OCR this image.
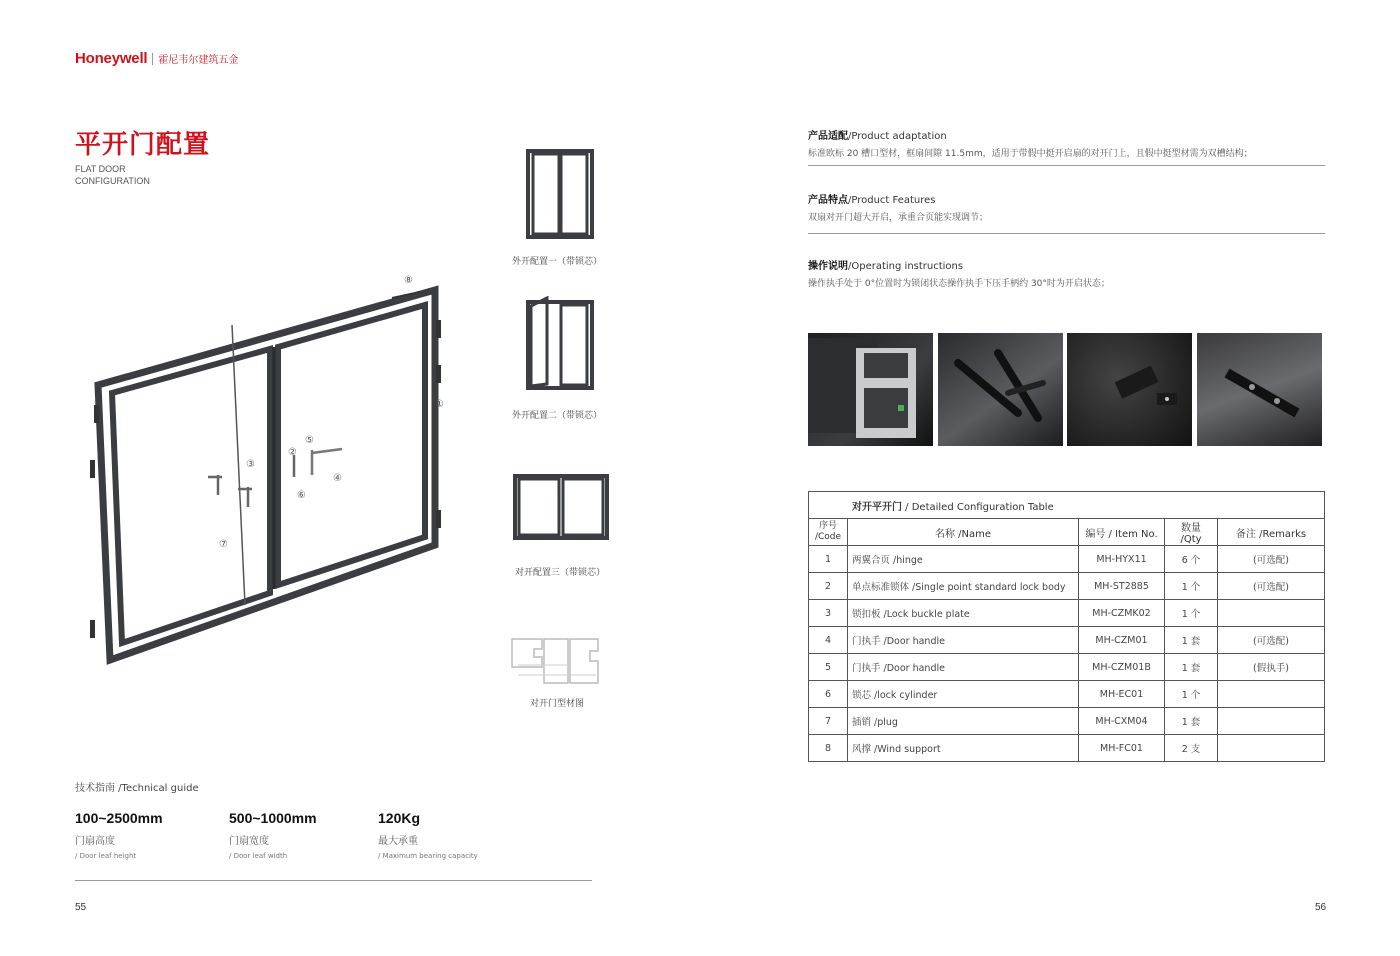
Honeywell 霍尼韦尔建筑五金
平开门配置
FLAT DOOR
CONFIGURATION
⑧
①
③
②
⑤
④
⑥
⑦
外开配置一（带锁芯）
外开配置二（带锁芯）
对开配置三（带锁芯）
对开门型材图
技术指南 /Technical guide
100~2500mm
门扇高度
/ Door leaf height
500~1000mm
门扇宽度
/ Door leaf width
120Kg
最大承重
/ Maximum bearing capacity
55
产品适配/Product adaptation
标准欧标 20 槽口型材，框扇间隙 11.5mm，适用于带假中挺开启扇的对开门上，且假中挺型材需为双槽结构；
产品特点/Product Features
双扇对开门超大开启，承重合页能实现调节；
操作说明/Operating instructions
操作执手处于 0°位置时为锁闭状态操作执手下压手柄约 30°时为开启状态；
对开平开门 / Detailed Configuration Table				

序号
/Code	名称 /Name	编号 / Item No.	数量 /Qty	备注 /Remarks
1	两翼合页 /hinge	MH-HYX11	6 个	(可选配)
2	单点标准锁体 /Single point standard lock body	MH-ST2885	1 个	(可选配)
3	锁扣板 /Lock buckle plate	MH-CZMK02	1 个	
4	门执手 /Door handle	MH-CZM01	1 套	(可选配)
5	门执手 /Door handle	MH-CZM01B	1 套	(假执手)
6	锁芯 /lock cylinder	MH-EC01	1 个	
7	插销 /plug	MH-CXM04	1 套	
8	风撑 /Wind support	MH-FC01	2 支	
56
